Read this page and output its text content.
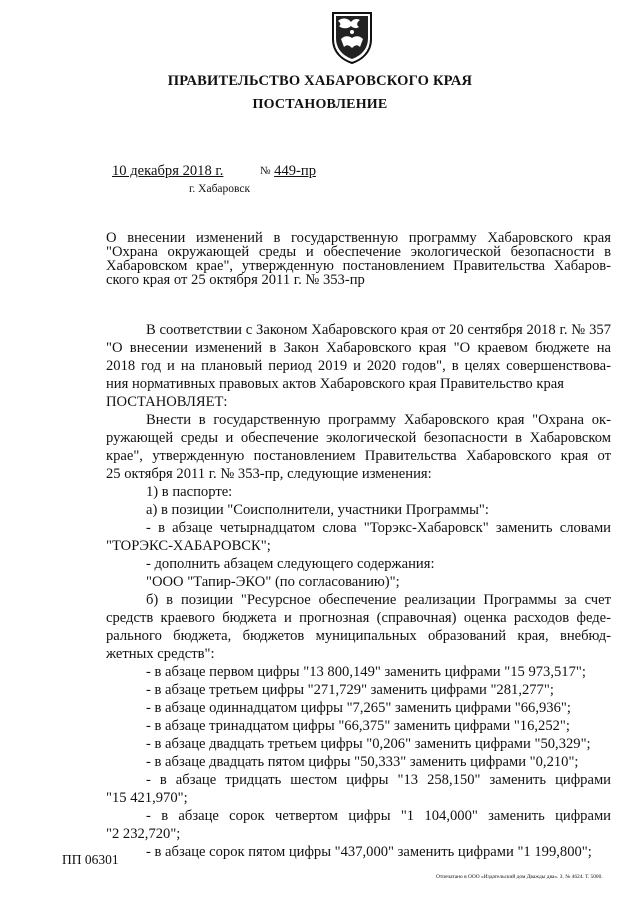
ПРАВИТЕЛЬСТВО ХАБАРОВСКОГО КРАЯ
ПОСТАНОВЛЕНИЕ
10 декабря 2018 г.	№ 449-пр
г. Хабаровск
О внесении изменений в государственную программу Хабаровского края
"Охрана окружающей среды и обеспечение экологической безопасности в
Хабаровском крае", утвержденную постановлением Правительства Хабаров-
ского края от 25 октября 2011 г. № 353-пр
В соответствии с Законом Хабаровского края от 20 сентября 2018 г. № 357
"О внесении изменений в Закон Хабаровского края "О краевом бюджете на
2018 год и на плановый период 2019 и 2020 годов", в целях совершенствова-
ния нормативных правовых актов Хабаровского края Правительство края
ПОСТАНОВЛЯЕТ:
Внести в государственную программу Хабаровского края "Охрана ок-
ружающей среды и обеспечение экологической безопасности в Хабаровском
крае", утвержденную постановлением Правительства Хабаровского края от
25 октября 2011 г. № 353-пр, следующие изменения:
1) в паспорте:
а) в позиции "Соисполнители, участники Программы":
- в абзаце четырнадцатом слова "Торэкс-Хабаровск" заменить словами
"ТОРЭКС-ХАБАРОВСК";
- дополнить абзацем следующего содержания:
"ООО "Тапир-ЭКО" (по согласованию)";
б) в позиции "Ресурсное обеспечение реализации Программы за счет
средств краевого бюджета и прогнозная (справочная) оценка расходов феде-
рального бюджета, бюджетов муниципальных образований края, внебюд-
жетных средств":
- в абзаце первом цифры "13 800,149" заменить цифрами "15 973,517";
- в абзаце третьем цифры "271,729" заменить цифрами "281,277";
- в абзаце одиннадцатом цифры "7,265" заменить цифрами "66,936";
- в абзаце тринадцатом цифры "66,375" заменить цифрами "16,252";
- в абзаце двадцать третьем цифры "0,206" заменить цифрами "50,329";
- в абзаце двадцать пятом цифры "50,333" заменить цифрами "0,210";
- в абзаце тридцать шестом цифры "13 258,150" заменить цифрами
"15 421,970";
- в абзаце сорок четвертом цифры "1 104,000" заменить цифрами
"2 232,720";
- в абзаце сорок пятом цифры "437,000" заменить цифрами "1 199,800";
ПП 06301
Отпечатано в ООО «Издательский дом Дважды два». З. № 4624. Т. 5000.
